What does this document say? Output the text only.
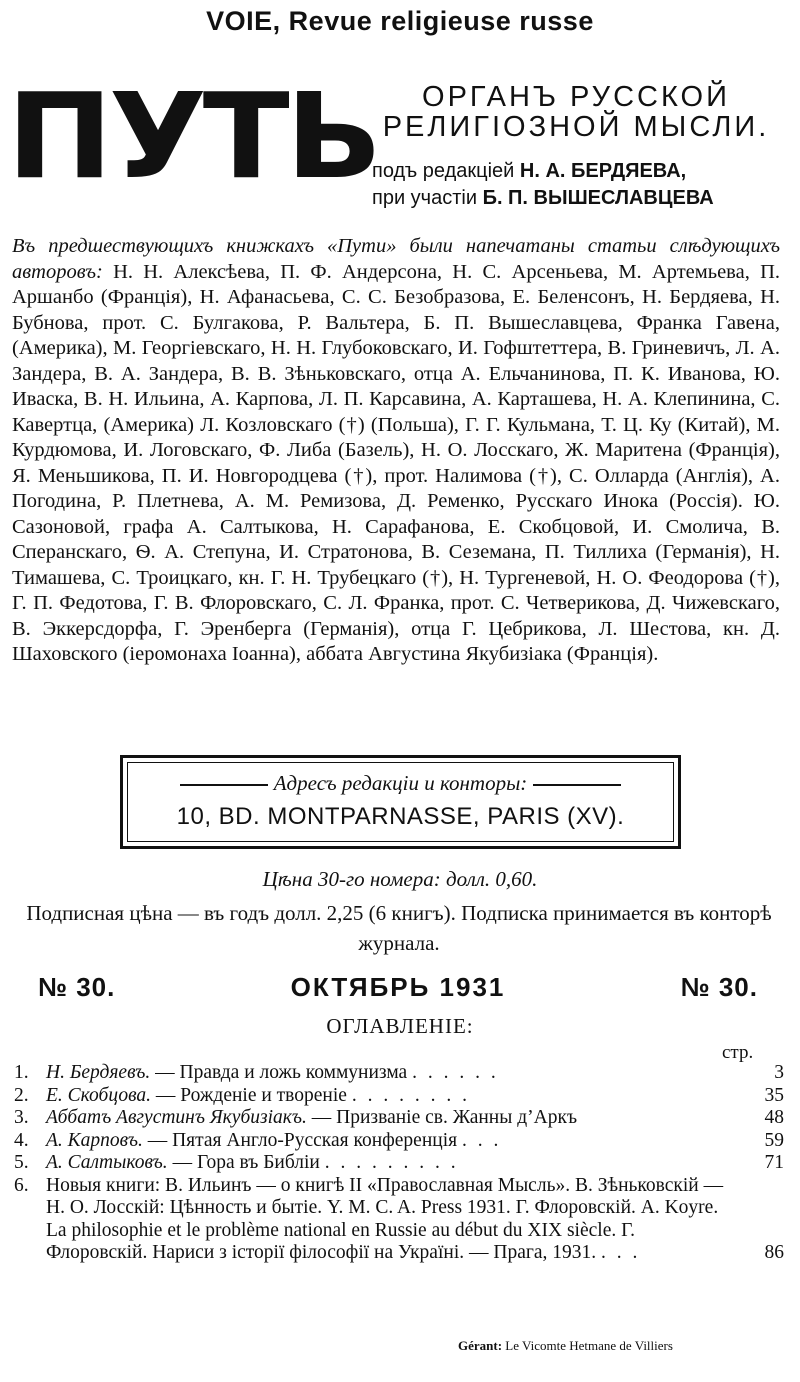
VOIE, Revue religieuse russe
ПУТЬ	ОРГАНЪ РУССКОЙ
РЕЛИГІОЗНОЙ МЫСЛИ.
подъ редакціей Н. А. БЕРДЯЕВА,
при участіи Б. П. ВЫШЕСЛАВЦЕВА
Въ предшествующихъ книжкахъ «Пути» были напечатаны статьи слѣдующихъ авторовъ: Н. Н. Алексѣева, П. Ф. Андерсона, Н. С. Арсеньева, М. Артемьева, П. Аршанбо (Франція), Н. Афанасьева, С. С. Безобразова, Е. Беленсонъ, Н. Бердяева, Н. Бубнова, прот. С. Булгакова, Р. Вальтера, Б. П. Вышеславцева, Франка Гавена, (Америка), М. Георгіевскаго, Н. Н. Глубоковскаго, И. Гофштеттера, В. Гриневичъ, Л. А. Зандера, В. А. Зандера, В. В. Зѣньковскаго, отца А. Ельчанинова, П. К. Иванова, Ю. Иваска, В. Н. Ильина, А. Карпова, Л. П. Карсавина, А. Карташева, Н. А. Клепинина, С. Кавертца, (Америка) Л. Козловскаго (†) (Польша), Г. Г. Кульмана, Т. Ц. Ку (Китай), М. Курдюмова, И. Логовскаго, Ф. Либа (Базель), Н. О. Лосскаго, Ж. Маритена (Франція), Я. Меньшикова, П. И. Новгородцева (†), прот. Налимова (†), С. Олларда (Англія), А. Погодина, Р. Плетнева, А. М. Ремизова, Д. Ременко, Русскаго Инока (Россія). Ю. Сазоновой, графа А. Салтыкова, Н. Сарафанова, Е. Скобцовой, И. Смолича, В. Сперанскаго, Ѳ. А. Степуна, И. Стратонова, В. Сеземана, П. Тиллиха (Германія), Н. Тимашева, С. Троицкаго, кн. Г. Н. Трубецкаго (†), Н. Тургеневой, Н. О. Феодорова (†), Г. П. Федотова, Г. В. Флоровскаго, С. Л. Франка, прот. С. Четверикова, Д. Чижевскаго, В. Эккерсдорфа, Г. Эренберга (Германія), отца Г. Цебрикова, Л. Шестова, кн. Д. Шаховского (іеромонаха Іоанна), аббата Августина Якубизіака (Франція).
Адресъ редакціи и конторы:
10, BD. MONTPARNASSE, PARIS (XV).
Цѣна 30-го номера: долл. 0,60.
Подписная цѣна — въ годъ долл. 2,25 (6 книгъ). Подписка принимается въ конторѣ журнала.
№ 30.	ОКТЯБРЬ 1931	№ 30.
ОГЛАВЛЕНІЕ:
стр.
1. Н. Бердяевъ. — Правда и ложь коммунизма . . . . . .	3
2. Е. Скобцова. — Рожденіе и твореніе . . . . . . . .	35
3. Аббатъ Августинъ Якубизіакъ. — Призваніе св. Жанны д’Аркъ	48
4. А. Карповъ. — Пятая Англо-Русская конференція . . .	59
5. А. Салтыковъ. — Гора въ Библіи . . . . . . . . .	71
6. Новыя книги: В. Ильинъ — о книгѣ II «Православная Мысль». В. Зѣньковскій — Н. О. Лосскій: Цѣнность и бытіе. Y. M. C. A. Press 1931. Г. Флоровскій. А. Koyre. La philosophie et le problème national en Russie au début du XIX siècle. Г. Флоровскій. Нариси з історії філософії на Україні. — Прага, 1931. . . .	86
Gérant: Le Vicomte Hetmane de Villiers
